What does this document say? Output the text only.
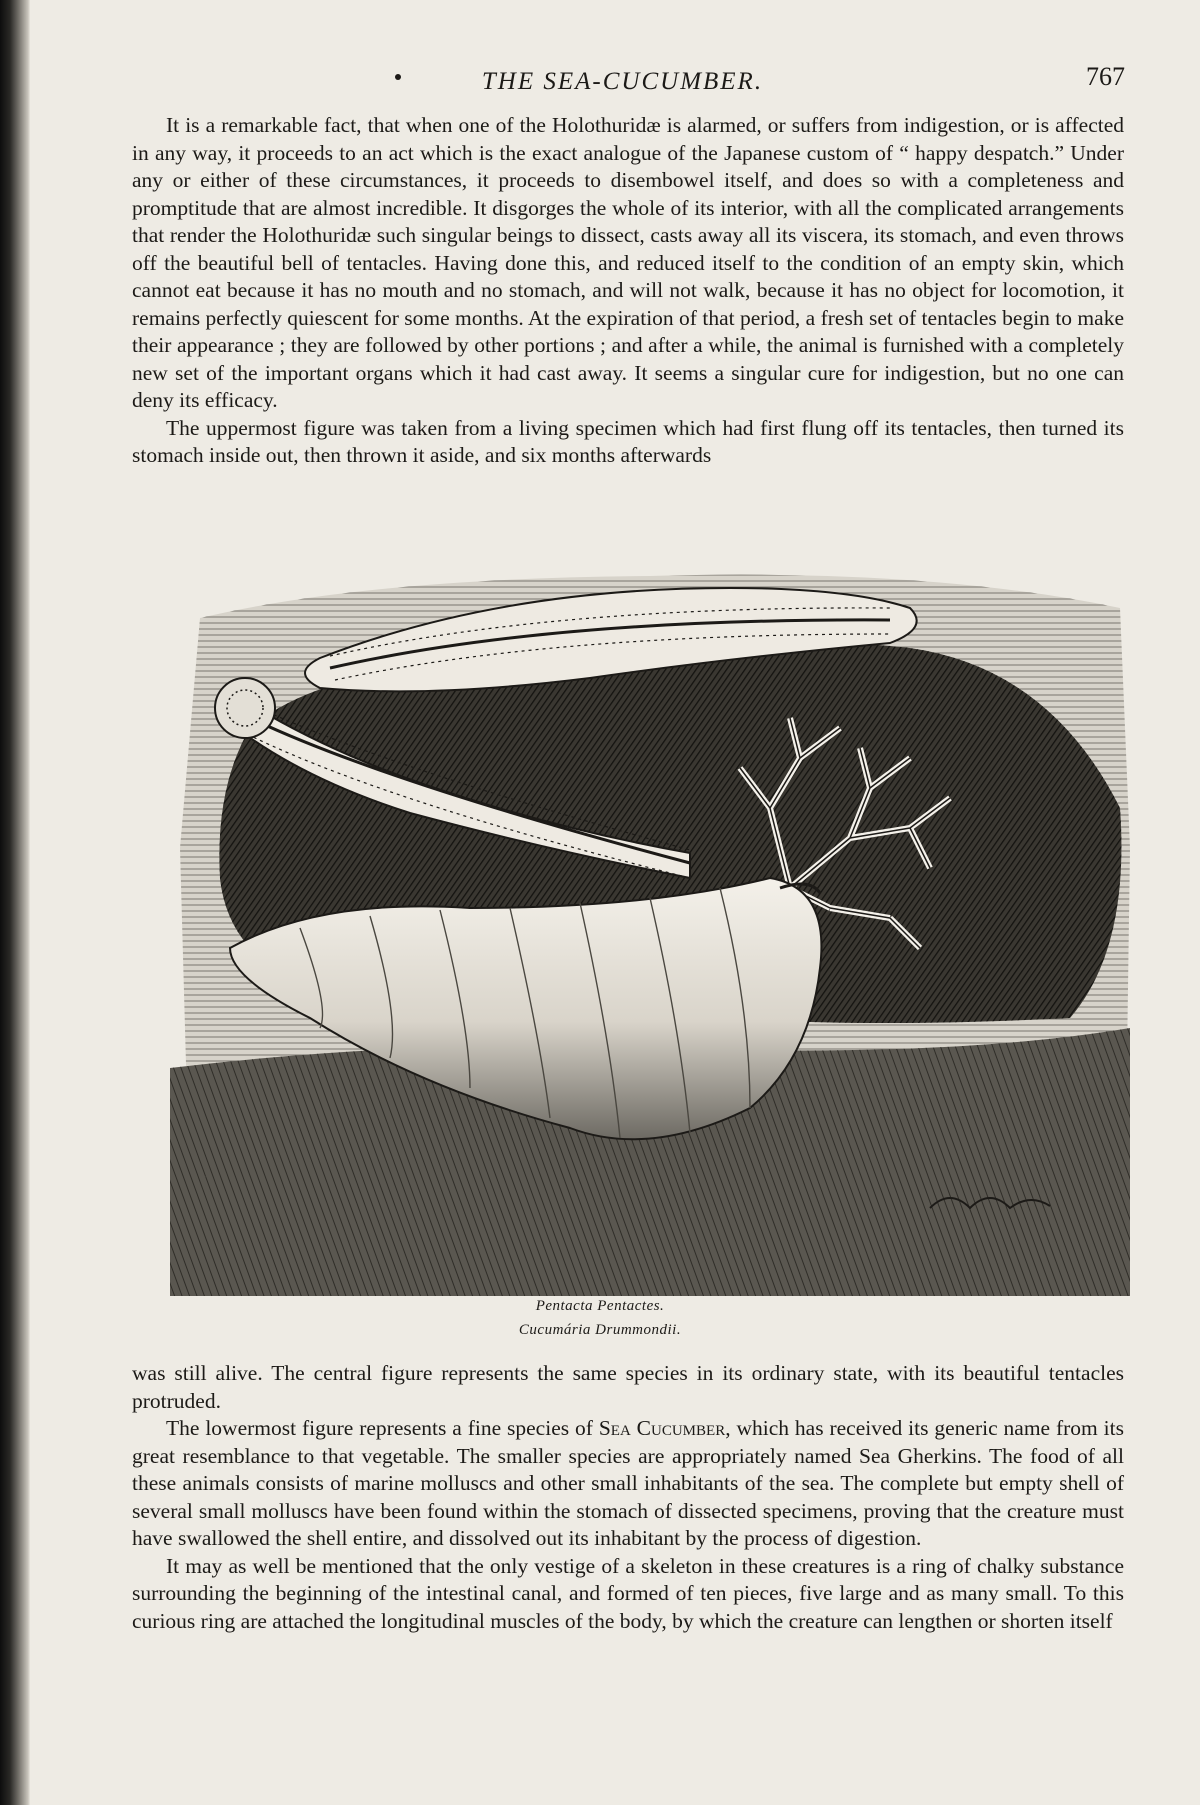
THE SEA-CUCUMBER.	767

It is a remarkable fact, that when one of the Holothuridæ is alarmed, or suffers from indigestion, or is affected in any way, it proceeds to an act which is the exact analogue of the Japanese custom of “ happy despatch.” Under any or either of these circumstances, it proceeds to disembowel itself, and does so with a completeness and promptitude that are almost incredible. It disgorges the whole of its interior, with all the complicated arrangements that render the Holothuridæ such singular beings to dissect, casts away all its viscera, its stomach, and even throws off the beautiful bell of tentacles. Having done this, and reduced itself to the condition of an empty skin, which cannot eat because it has no mouth and no stomach, and will not walk, because it has no object for locomotion, it remains perfectly quiescent for some months. At the expiration of that period, a fresh set of tentacles begin to make their appearance ; they are followed by other portions ; and after a while, the animal is furnished with a completely new set of the important organs which it had cast away. It seems a singular cure for indigestion, but no one can deny its efficacy.

The uppermost figure was taken from a living specimen which had first flung off its tentacles, then turned its stomach inside out, then thrown it aside, and six months afterwards

Pentacta Pentactes.
Cucumária Drummondii.

was still alive. The central figure represents the same species in its ordinary state, with its beautiful tentacles protruded.

The lowermost figure represents a fine species of Sea Cucumber, which has received its generic name from its great resemblance to that vegetable. The smaller species are appropriately named Sea Gherkins. The food of all these animals consists of marine molluscs and other small inhabitants of the sea. The complete but empty shell of several small molluscs have been found within the stomach of dissected specimens, proving that the creature must have swallowed the shell entire, and dissolved out its inhabitant by the process of digestion.

It may as well be mentioned that the only vestige of a skeleton in these creatures is a ring of chalky substance surrounding the beginning of the intestinal canal, and formed of ten pieces, five large and as many small. To this curious ring are attached the longitudinal muscles of the body, by which the creature can lengthen or shorten itself
